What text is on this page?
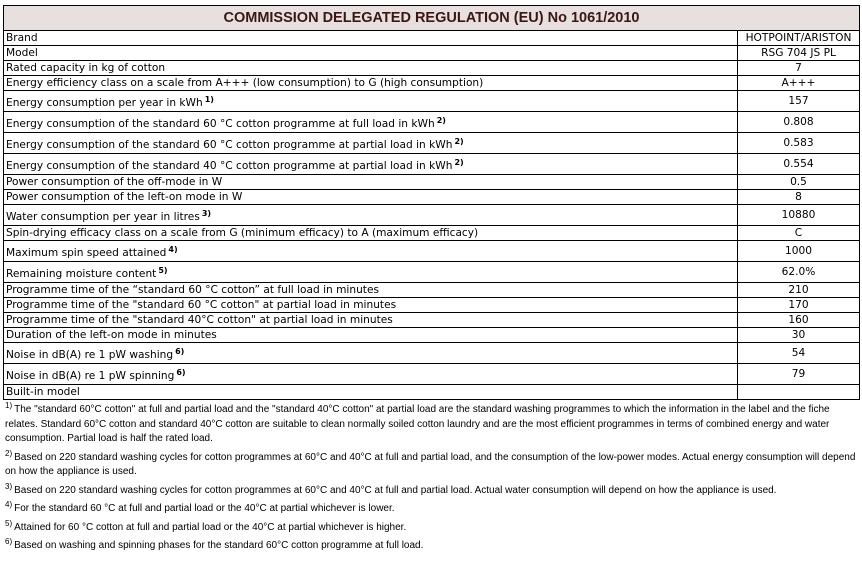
COMMISSION DELEGATED REGULATION (EU) No 1061/2010	
Brand	HOTPOINT/ARISTON
Model	RSG 704 JS PL
Rated capacity in kg of cotton	7
Energy efficiency class on a scale from A+++ (low consumption) to G (high consumption)	A+++
Energy consumption per year in kWh $^{1)}$	157
Energy consumption of the standard 60 °C cotton programme at full load in kWh $^{2)}$	0.808
Energy consumption of the standard 60 °C cotton programme at partial load in kWh $^{2)}$	0.583
Energy consumption of the standard 40 °C cotton programme at partial load in kWh $^{2)}$	0.554
Power consumption of the off-mode in W	0.5
Power consumption of the left-on mode in W	8
Water consumption per year in litres $^{3)}$	10880
Spin-drying efficacy class on a scale from G (minimum efficacy) to A (maximum efficacy)	C
Maximum spin speed attained $^{4)}$	1000
Remaining moisture content $^{5)}$	62.0%
Programme time of the “standard 60 °C cotton” at full load in minutes	210
Programme time of the "standard 60 °C cotton" at partial load in minutes	170
Programme time of the "standard 40°C cotton" at partial load in minutes	160
Duration of the left-on mode in minutes	30
Noise in dB(A) re 1 pW washing $^{6)}$	54
Noise in dB(A) re 1 pW spinning $^{6)}$	79
Built-in model	
$^{1)}$ The "standard 60°C cotton" at full and partial load and the "standard 40°C cotton" at partial load are the standard washing programmes to which the information in the label and the fiche relates. Standard 60°C cotton and standard 40°C cotton are suitable to clean normally soiled cotton laundry and are the most efficient programmes in terms of combined energy and water consumption. Partial load is half the rated load.
$^{2)}$ Based on 220 standard washing cycles for cotton programmes at 60°C and 40°C at full and partial load, and the consumption of the low-power modes. Actual energy consumption will depend on how the appliance is used.
$^{3)}$ Based on 220 standard washing cycles for cotton programmes at 60°C and 40°C at full and partial load. Actual water consumption will depend on how the appliance is used.
$^{4)}$ For the standard 60 °C at full and partial load or the 40°C at partial whichever is lower.
$^{5)}$ Attained for 60 °C cotton at full and partial load or the 40°C at partial whichever is higher.
$^{6)}$ Based on washing and spinning phases for the standard 60°C cotton programme at full load.
